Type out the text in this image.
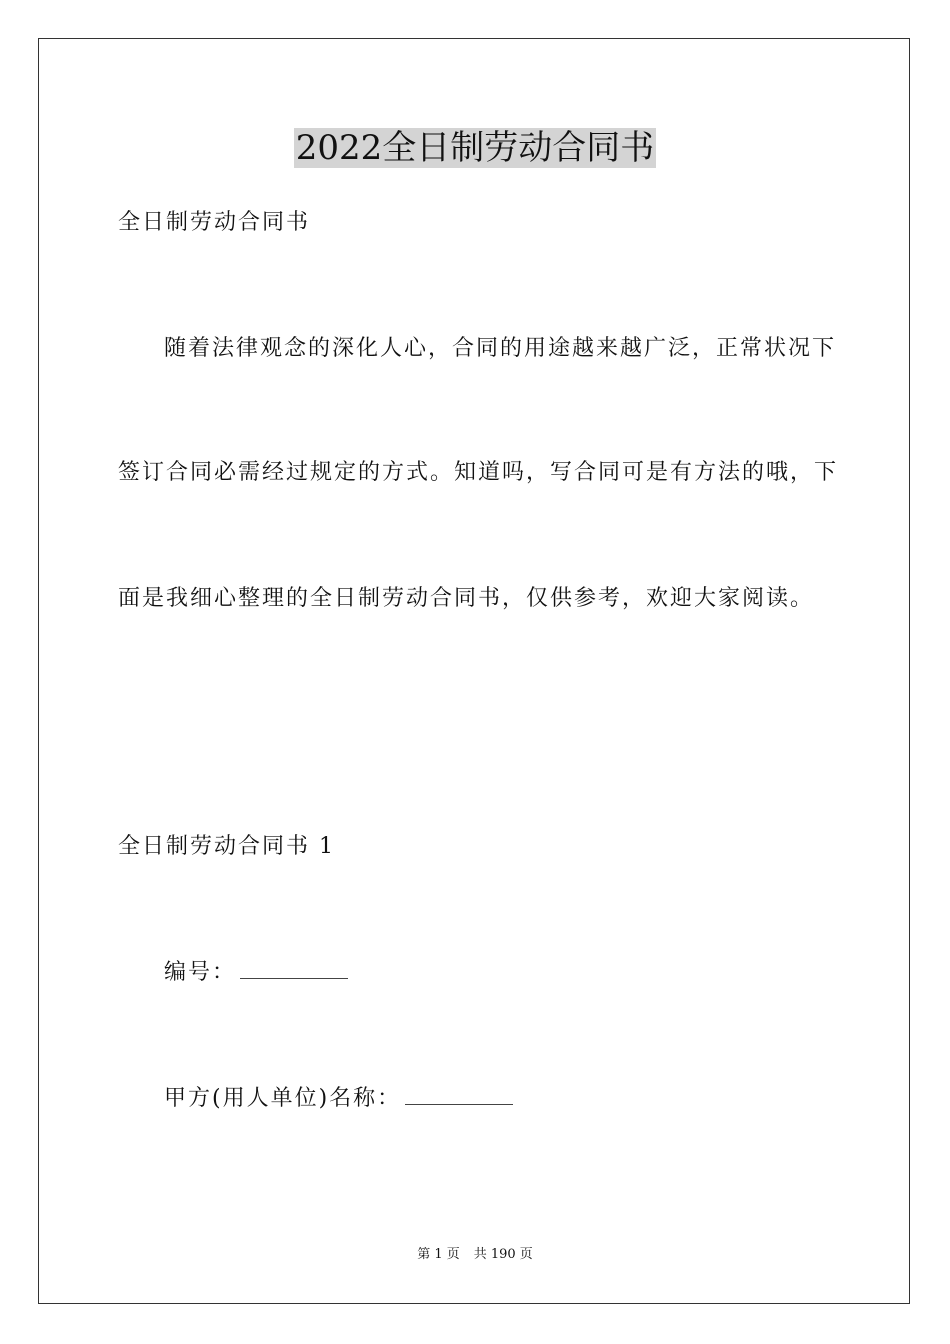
2022全日制劳动合同书
全日制劳动合同书
随着法律观念的深化人心，合同的用途越来越广泛，正常状况下
签订合同必需经过规定的方式。知道吗，写合同可是有方法的哦，下
面是我细心整理的全日制劳动合同书，仅供参考，欢迎大家阅读。
全日制劳动合同书 1
编号：
甲方(用人单位)名称：
第 1 页 共 190 页
